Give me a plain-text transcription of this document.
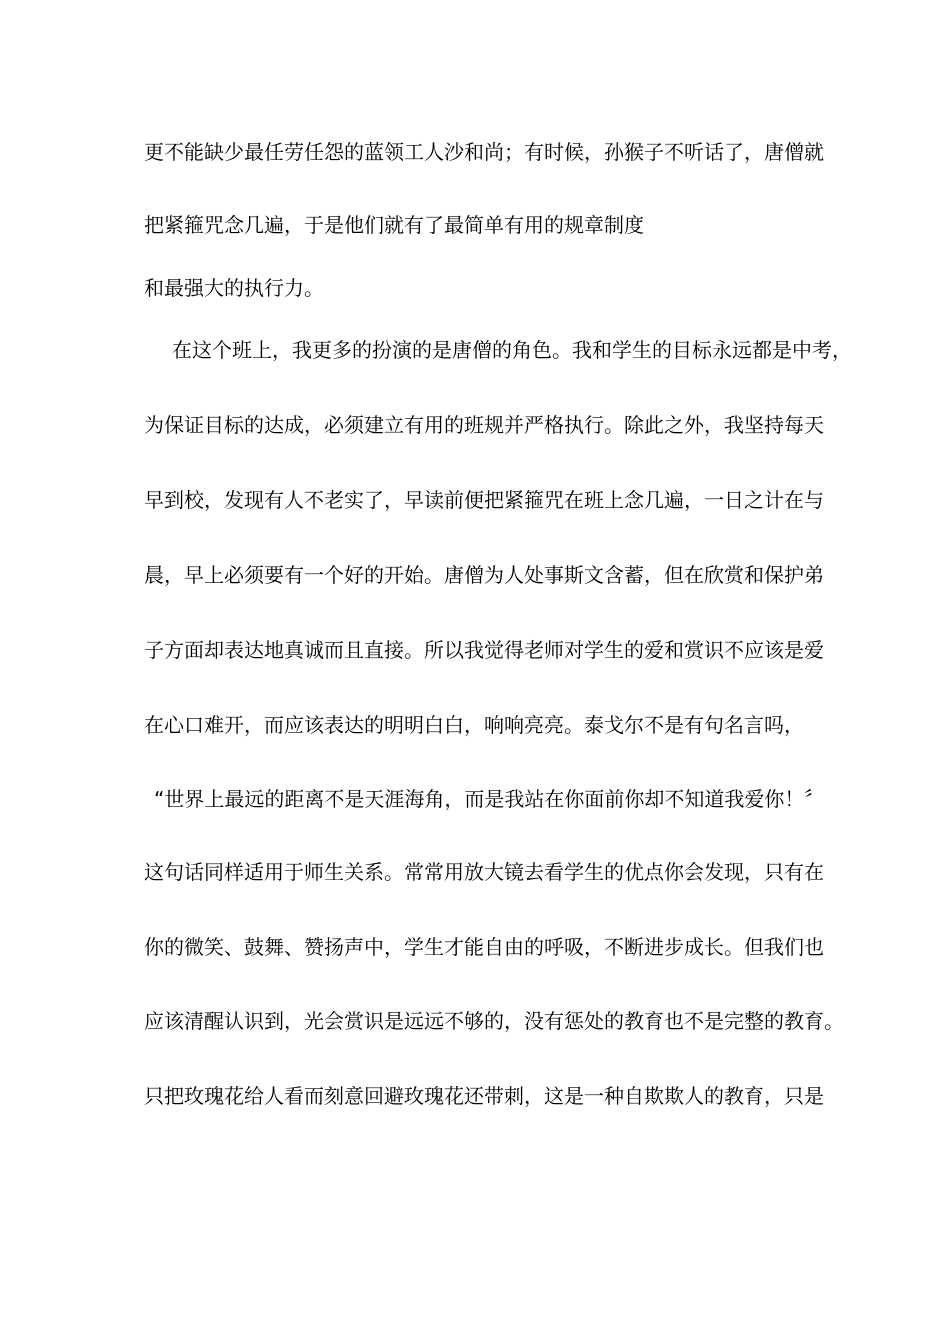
更不能缺少最任劳任怨的蓝领工人沙和尚；有时候，孙猴子不听话了，唐僧就
把紧箍咒念几遍，于是他们就有了最简单有用的规章制度
和最强大的执行力。
在这个班上，我更多的扮演的是唐僧的角色。我和学生的目标永远都是中考，
为保证目标的达成，必须建立有用的班规并严格执行。除此之外，我坚持每天
早到校，发现有人不老实了，早读前便把紧箍咒在班上念几遍，一日之计在与
晨，早上必须要有一个好的开始。唐僧为人处事斯文含蓄，但在欣赏和保护弟
子方面却表达地真诚而且直接。所以我觉得老师对学生的爱和赏识不应该是爱
在心口难开，而应该表达的明明白白，响响亮亮。泰戈尔不是有句名言吗，
“世界上最远的距离不是天涯海角，而是我站在你面前你却不知道我爱你！〞
这句话同样适用于师生关系。常常用放大镜去看学生的优点你会发现，只有在
你的微笑、鼓舞、赞扬声中，学生才能自由的呼吸，不断进步成长。但我们也
应该清醒认识到，光会赏识是远远不够的，没有惩处的教育也不是完整的教育。
只把玫瑰花给人看而刻意回避玫瑰花还带刺，这是一种自欺欺人的教育，只是
